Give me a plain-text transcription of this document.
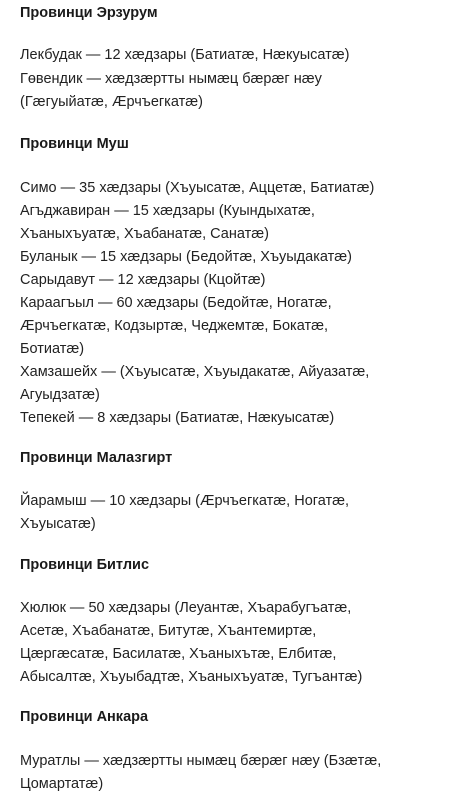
Провинци Эрзурум
Лекбудак — 12 хæдзары (Батиатæ, Нæкуысатæ)
Гөвендик — хæдзæртты нымæц бæрæг нæу
(Гæгуыйатæ, Ӕрчъегкатæ)
Провинци Муш
Симо — 35 хæдзары (Хъуысатæ, Аццетæ, Батиатæ)
Агъджавиран — 15 хæдзары (Куындыхатæ,
Хъаныхъуатæ, Хъабанатæ, Санатæ)
Буланык — 15 хæдзары (Бедойтæ, Хъуыдакатæ)
Сарыдавут — 12 хæдзары (Кцойтæ)
Караагъыл — 60 хæдзары (Бедойтæ, Ногатæ,
Ӕрчъегкатæ, Кодзыртæ, Чеджемтæ, Бокатæ,
Ботиатæ)
Хамзашейх — (Хъуысатæ, Хъуыдакатæ, Айуазатæ,
Агуыдзатæ)
Тепекей — 8 хæдзары (Батиатæ, Нæкуысатæ)
Провинци Малазгирт
Йарамыш — 10 хæдзары (Ӕрчъегкатæ, Ногатæ,
Хъуысатæ)
Провинци Битлис
Хюлюк — 50 хæдзары (Леуантæ, Хъарабугъатæ,
Асетæ, Хъабанатæ, Битутæ, Хъантемиртæ,
Цæргæсатæ, Басилатæ, Хъаныхътæ, Елбитæ,
Абысалтæ, Хъуыбадтæ, Хъаныхъуатæ, Тугъантæ)
Провинци Анкара
Муратлы — хæдзæртты нымæц бæрæг нæу (Бзæтæ,
Цомартатæ)
